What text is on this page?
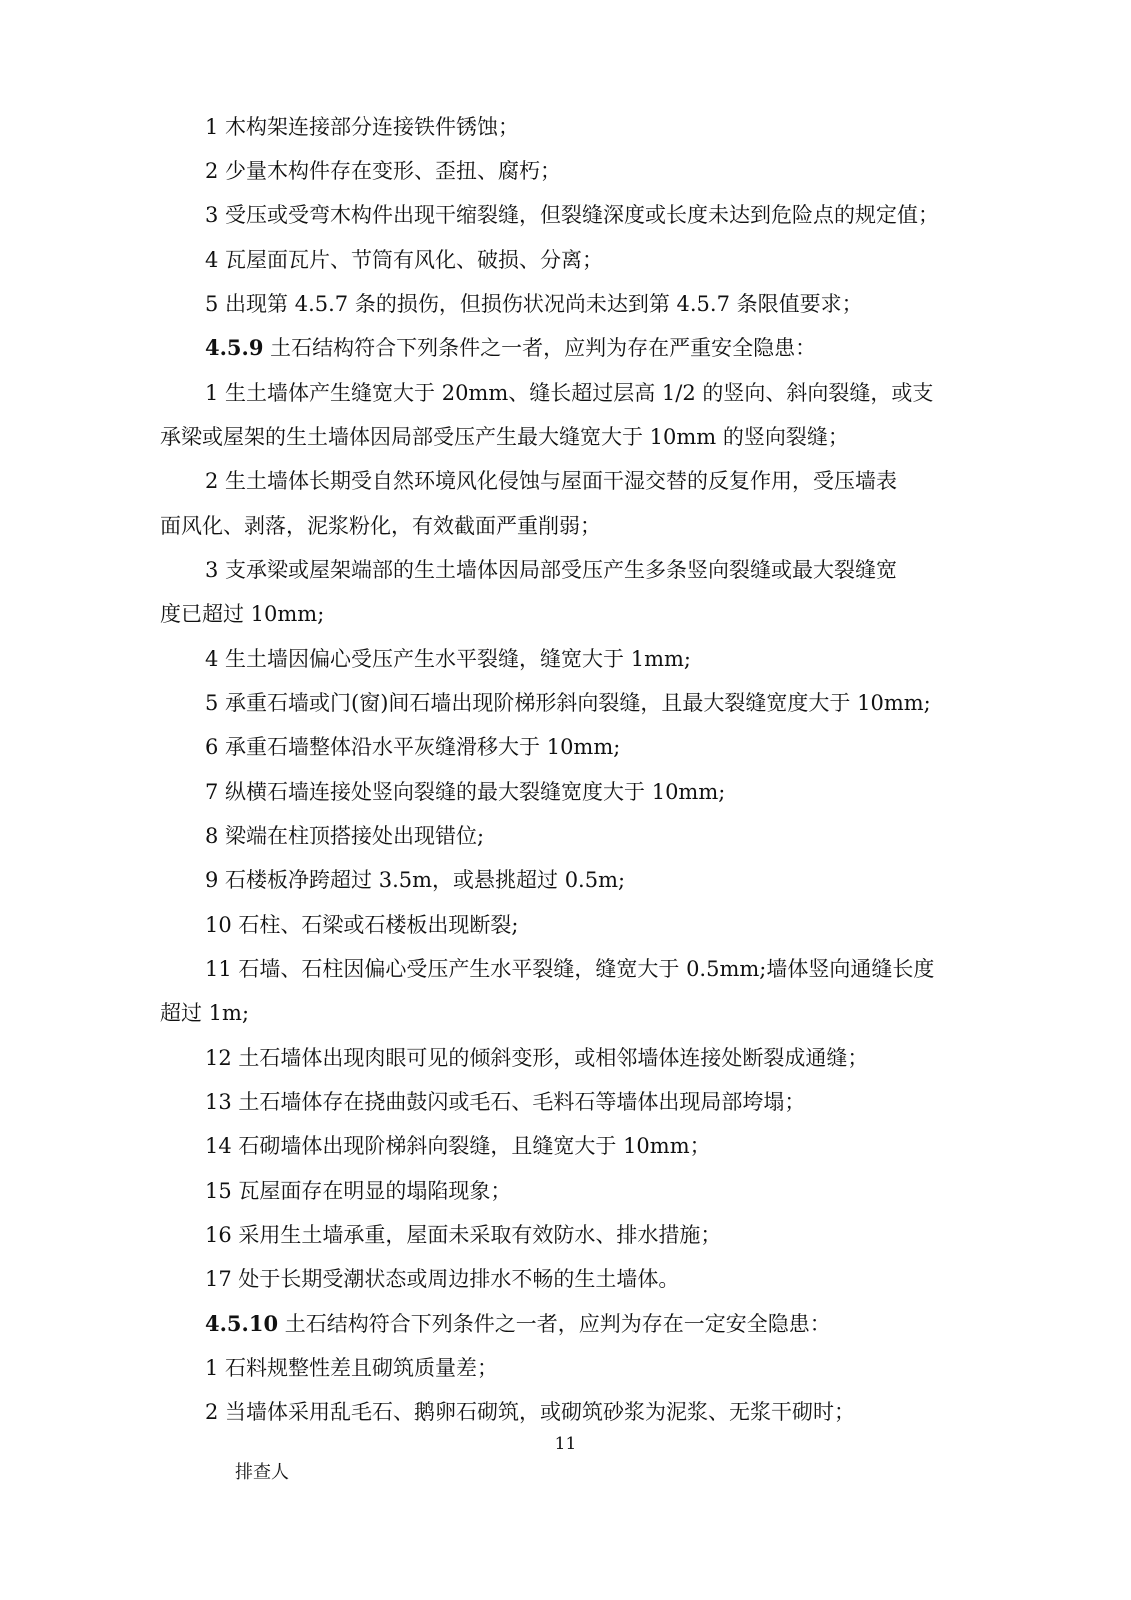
1 木构架连接部分连接铁件锈蚀；
2 少量木构件存在变形、歪扭、腐朽；
3 受压或受弯木构件出现干缩裂缝，但裂缝深度或长度未达到危险点的规定值；
4 瓦屋面瓦片、节筒有风化、破损、分离；
5 出现第 4.5.7 条的损伤，但损伤状况尚未达到第 4.5.7 条限值要求；
4.5.9 土石结构符合下列条件之一者，应判为存在严重安全隐患：
1 生土墙体产生缝宽大于 20mm、缝长超过层高 1/2 的竖向、斜向裂缝，或支
承梁或屋架的生土墙体因局部受压产生最大缝宽大于 10mm 的竖向裂缝；
2 生土墙体长期受自然环境风化侵蚀与屋面干湿交替的反复作用，受压墙表
面风化、剥落，泥浆粉化，有效截面严重削弱；
3 支承梁或屋架端部的生土墙体因局部受压产生多条竖向裂缝或最大裂缝宽
度已超过 10mm;
4 生土墙因偏心受压产生水平裂缝，缝宽大于 1mm;
5 承重石墙或门(窗)间石墙出现阶梯形斜向裂缝，且最大裂缝宽度大于 10mm;
6 承重石墙整体沿水平灰缝滑移大于 10mm;
7 纵横石墙连接处竖向裂缝的最大裂缝宽度大于 10mm;
8 梁端在柱顶搭接处出现错位;
9 石楼板净跨超过 3.5m，或悬挑超过 0.5m;
10 石柱、石梁或石楼板出现断裂;
11 石墙、石柱因偏心受压产生水平裂缝，缝宽大于 0.5mm;墙体竖向通缝长度
超过 1m;
12 土石墙体出现肉眼可见的倾斜变形，或相邻墙体连接处断裂成通缝；
13 土石墙体存在挠曲鼓闪或毛石、毛料石等墙体出现局部垮塌；
14 石砌墙体出现阶梯斜向裂缝，且缝宽大于 10mm；
15 瓦屋面存在明显的塌陷现象；
16 采用生土墙承重，屋面未采取有效防水、排水措施；
17 处于长期受潮状态或周边排水不畅的生土墙体。
4.5.10 土石结构符合下列条件之一者，应判为存在一定安全隐患：
1 石料规整性差且砌筑质量差；
2 当墙体采用乱毛石、鹅卵石砌筑，或砌筑砂浆为泥浆、无浆干砌时；
11
排查人
